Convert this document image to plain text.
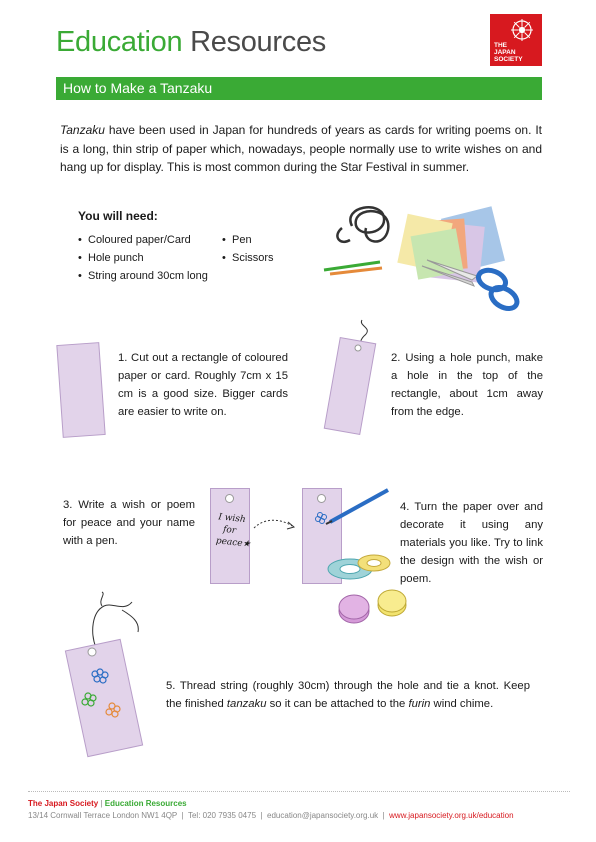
Education Resources	THE
JAPAN
SOCIETY
How to Make a Tanzaku
Tanzaku have been used in Japan for hundreds of years as cards for writing poems on. It is a long, thin strip of paper which, nowadays, people normally use to write wishes on and hang up for display. This is most common during the Star Festival in summer.
You will need:
• Coloured paper/Card
• Hole punch
• String around 30cm long
• Pen
• Scissors
1. Cut out a rectangle of coloured paper or card. Roughly 7cm x 15 cm is a good size. Bigger cards are easier to write on.
2. Using a hole punch, make a hole in the top of the rectangle, about 1cm away from the edge.
3. Write a wish or poem for peace and your name with a pen.
I wish
for
peace★
4. Turn the paper over and decorate it using any materials you like. Try to link the design with the wish or poem.
5. Thread string (roughly 30cm) through the hole and tie a knot. Keep the finished tanzaku so it can be attached to the furin wind chime.
The Japan Society | Education Resources
13/14 Cornwall Terrace London NW1 4QP | Tel: 020 7935 0475 | education@japansociety.org.uk | www.japansociety.org.uk/education
